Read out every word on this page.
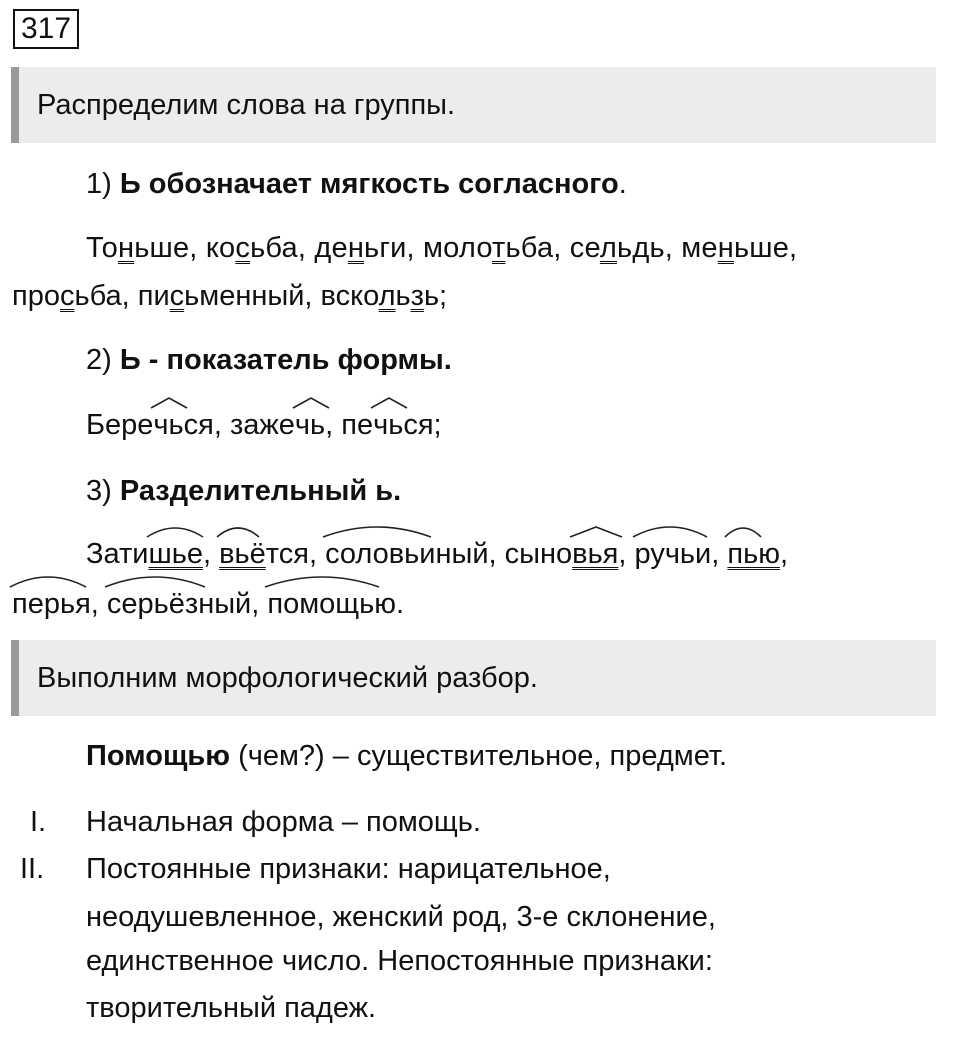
317
Распределим слова на группы.
1) Ь обозначает мягкость согласного.
Тоньше, косьба, деньги, молотьба, сельдь, меньше,
просьба, письменный, вскользь;
2) Ь - показатель формы.
Беречь
ся, зажечь
, печь
ся;
3) Разделительный ь.
Затишье
, вьё
тся, соловьи
ный, сыновья
, ручьи
, пью
,
перья
, серьёз
ный, помощью
.
Выполним морфологический разбор.
Помощью (чем?) – существительное, предмет.
I. Начальная форма – помощь.
II. Постоянные признаки: нарицательное,
неодушевленное, женский род, 3-е склонение,
единственное число. Непостоянные признаки:
творительный падеж.
